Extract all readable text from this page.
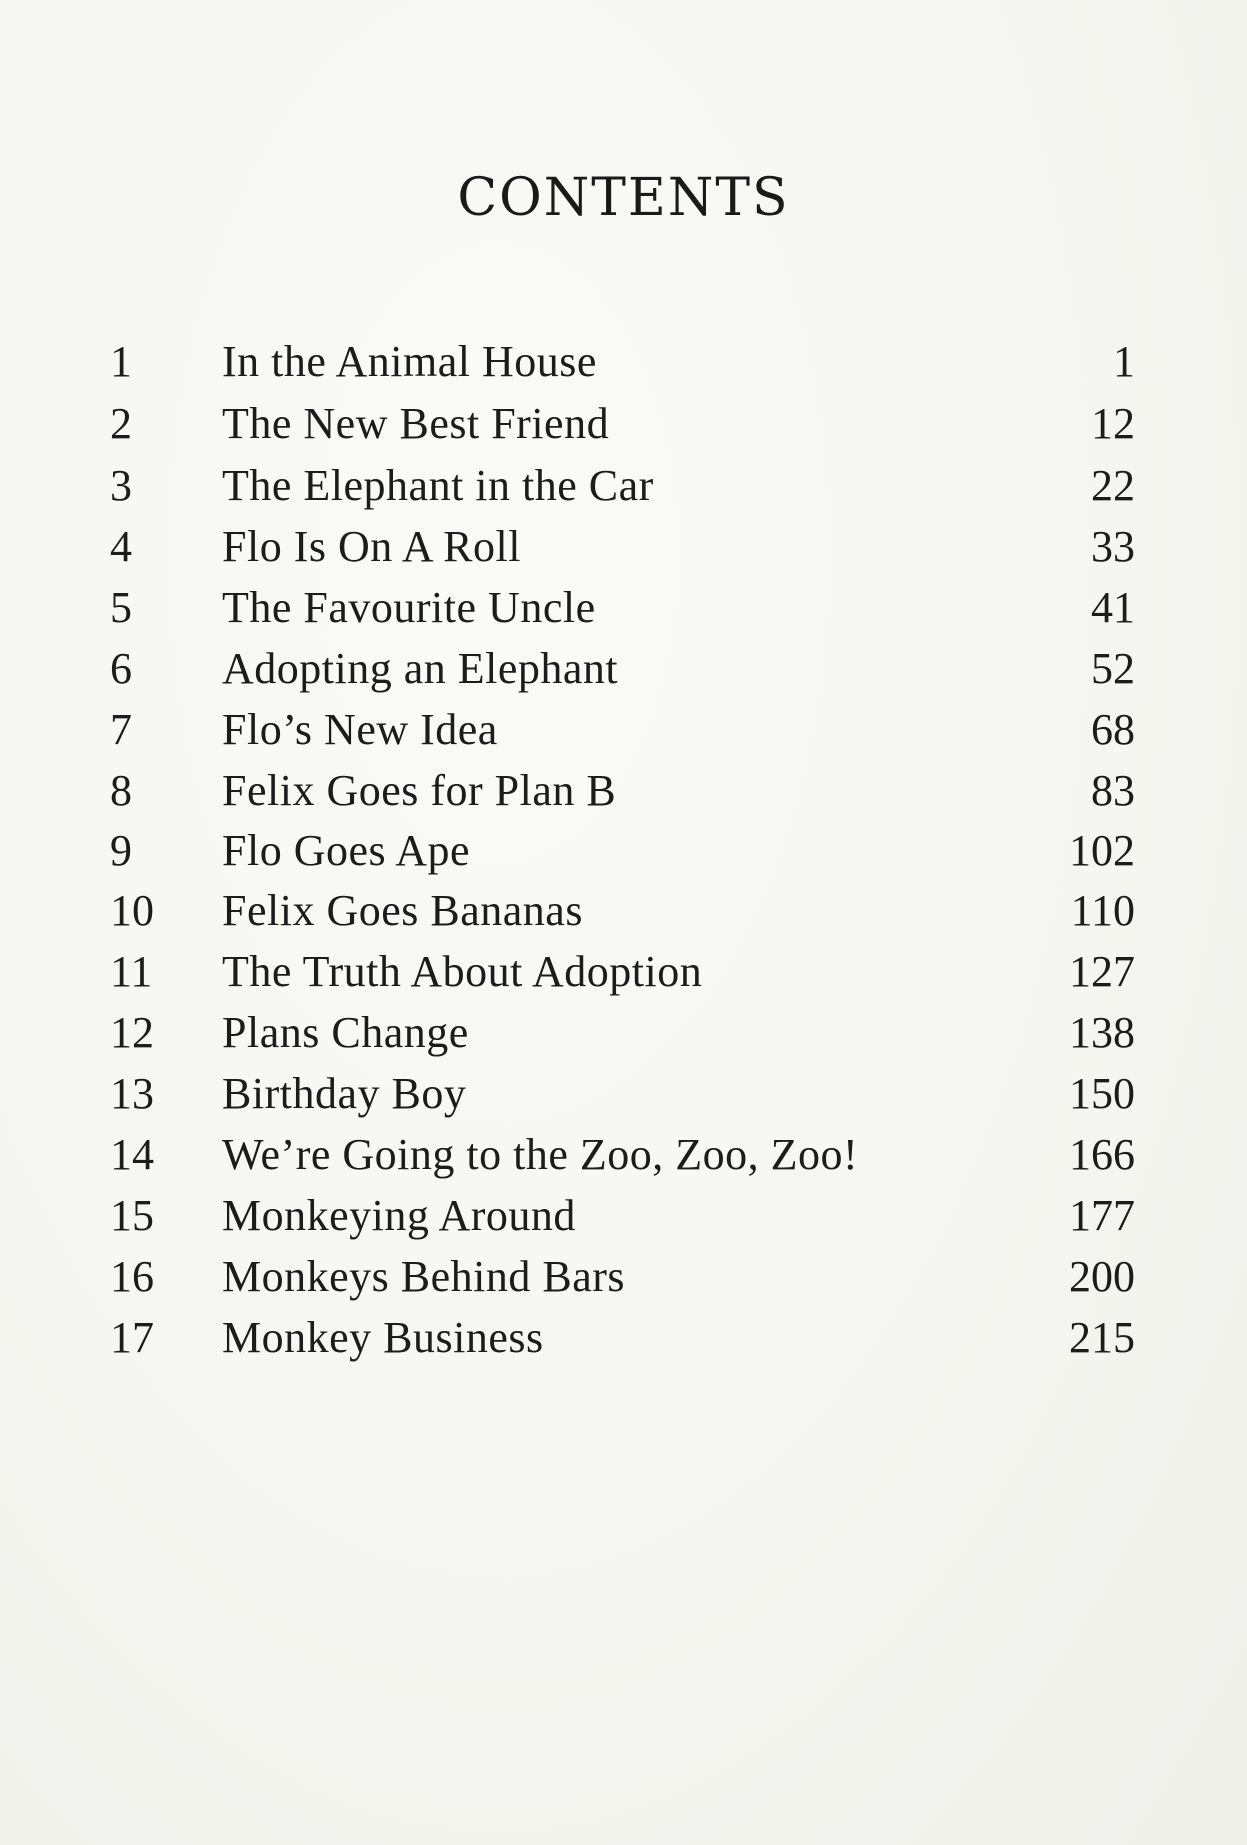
CONTENTS
1	In the Animal House	1
2	The New Best Friend	12
3	The Elephant in the Car	22
4	Flo Is On A Roll	33
5	The Favourite Uncle	41
6	Adopting an Elephant	52
7	Flo’s New Idea	68
8	Felix Goes for Plan B	83
9	Flo Goes Ape	102
10	Felix Goes Bananas	110
11	The Truth About Adoption	127
12	Plans Change	138
13	Birthday Boy	150
14	We’re Going to the Zoo, Zoo, Zoo!	166
15	Monkeying Around	177
16	Monkeys Behind Bars	200
17	Monkey Business	215
